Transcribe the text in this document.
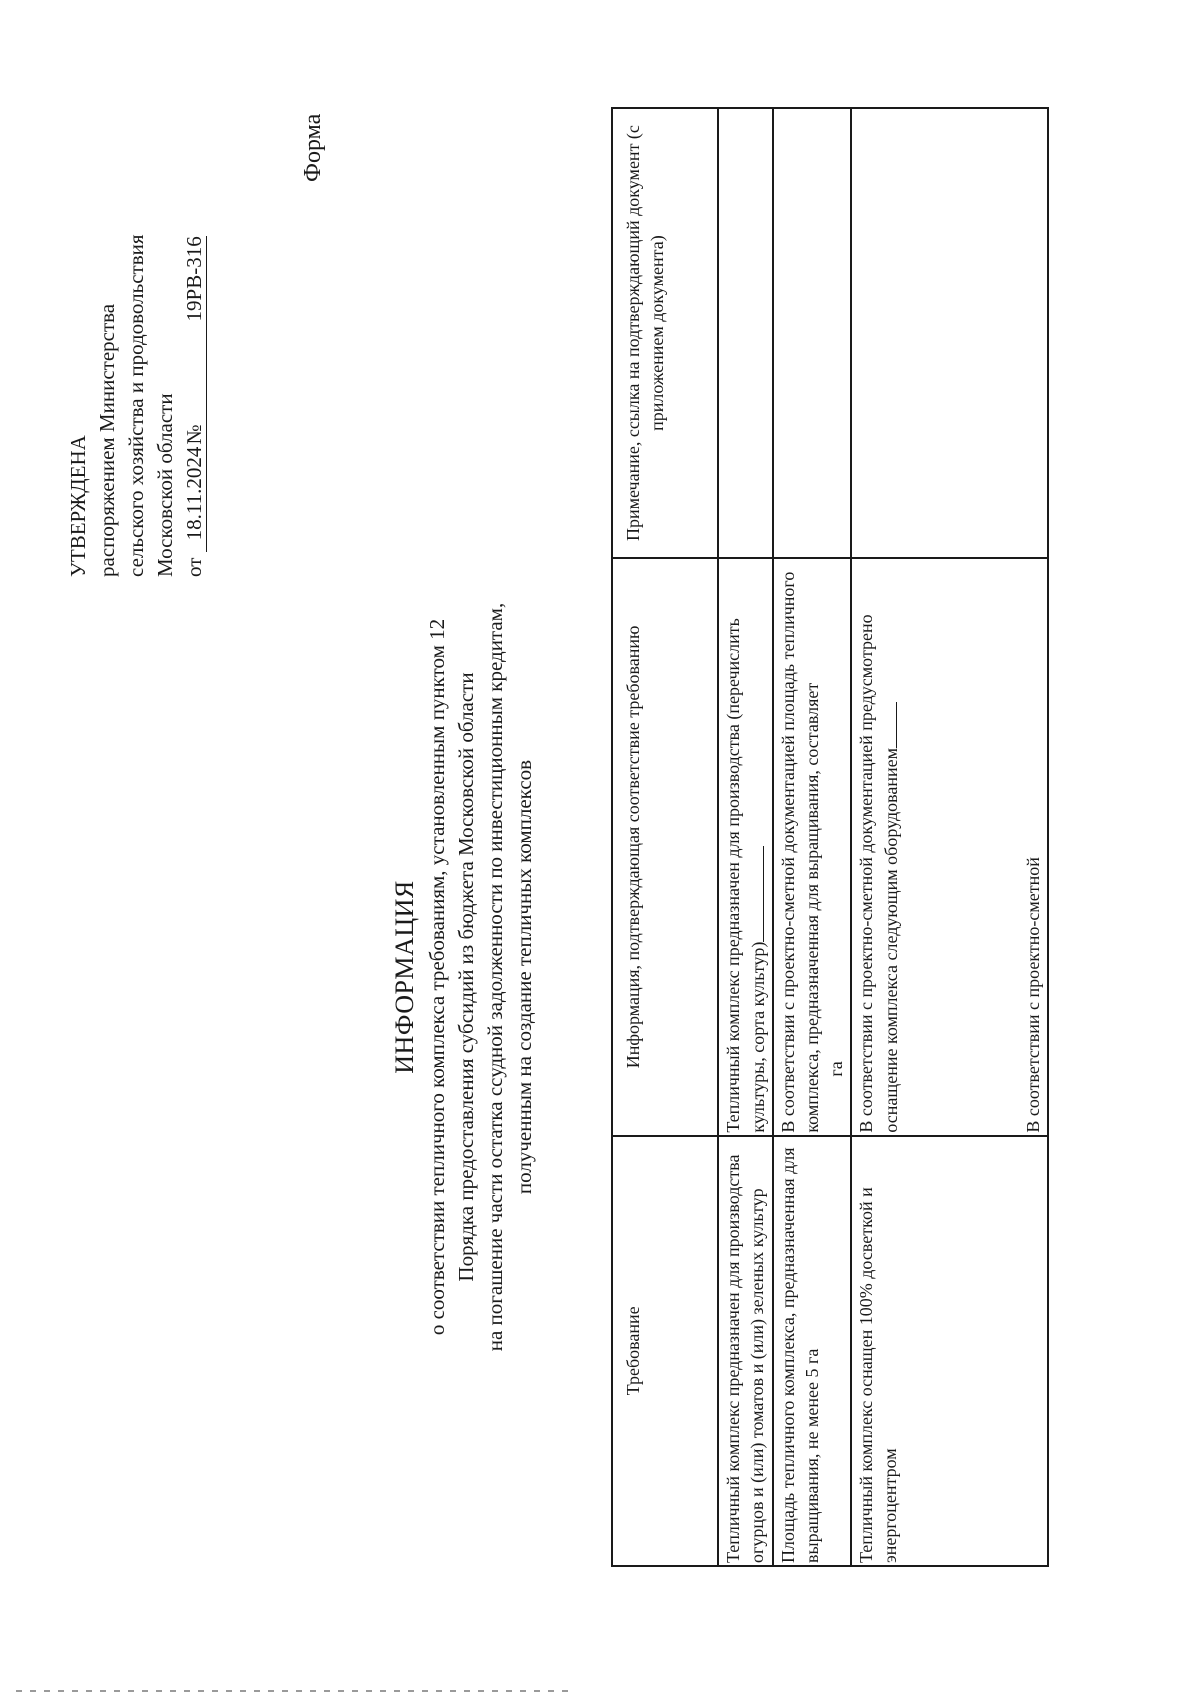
УТВЕРЖДЕНА распоряжением Министерства сельского хозяйства и продовольствия Московской области от 18.11.2024№19РВ-316
Форма
ИНФОРМАЦИЯ о соответствии тепличного комплекса требованиям, установленным пунктом 12 Порядка предоставления субсидий из бюджета Московской области на погашение части остатка ссудной задолженности по инвестиционным кредитам, полученным на создание тепличных комплексов
Требование	Информация, подтверждающая соответствие требованию	Примечание, ссылка на подтверждающий документ (с приложением документа)
Тепличный комплекс предназначен для производства огурцов и (или) томатов и (или) зеленых культур	Тепличный комплекс предназначен для производства (перечислить культуры, сорта культур)	
Площадь тепличного комплекса, предназначенная для выращивания, не менее 5 га	В соответствии с проектно-сметной документацией площадь тепличного комплекса, предназначенная для выращивания, составляет га	
Тепличный комплекс оснащен 100% досветкой и энергоцентром	В соответствии с проектно-сметной документацией предусмотрено оснащение комплекса следующим оборудованием В соответствии с проектно-сметной	
